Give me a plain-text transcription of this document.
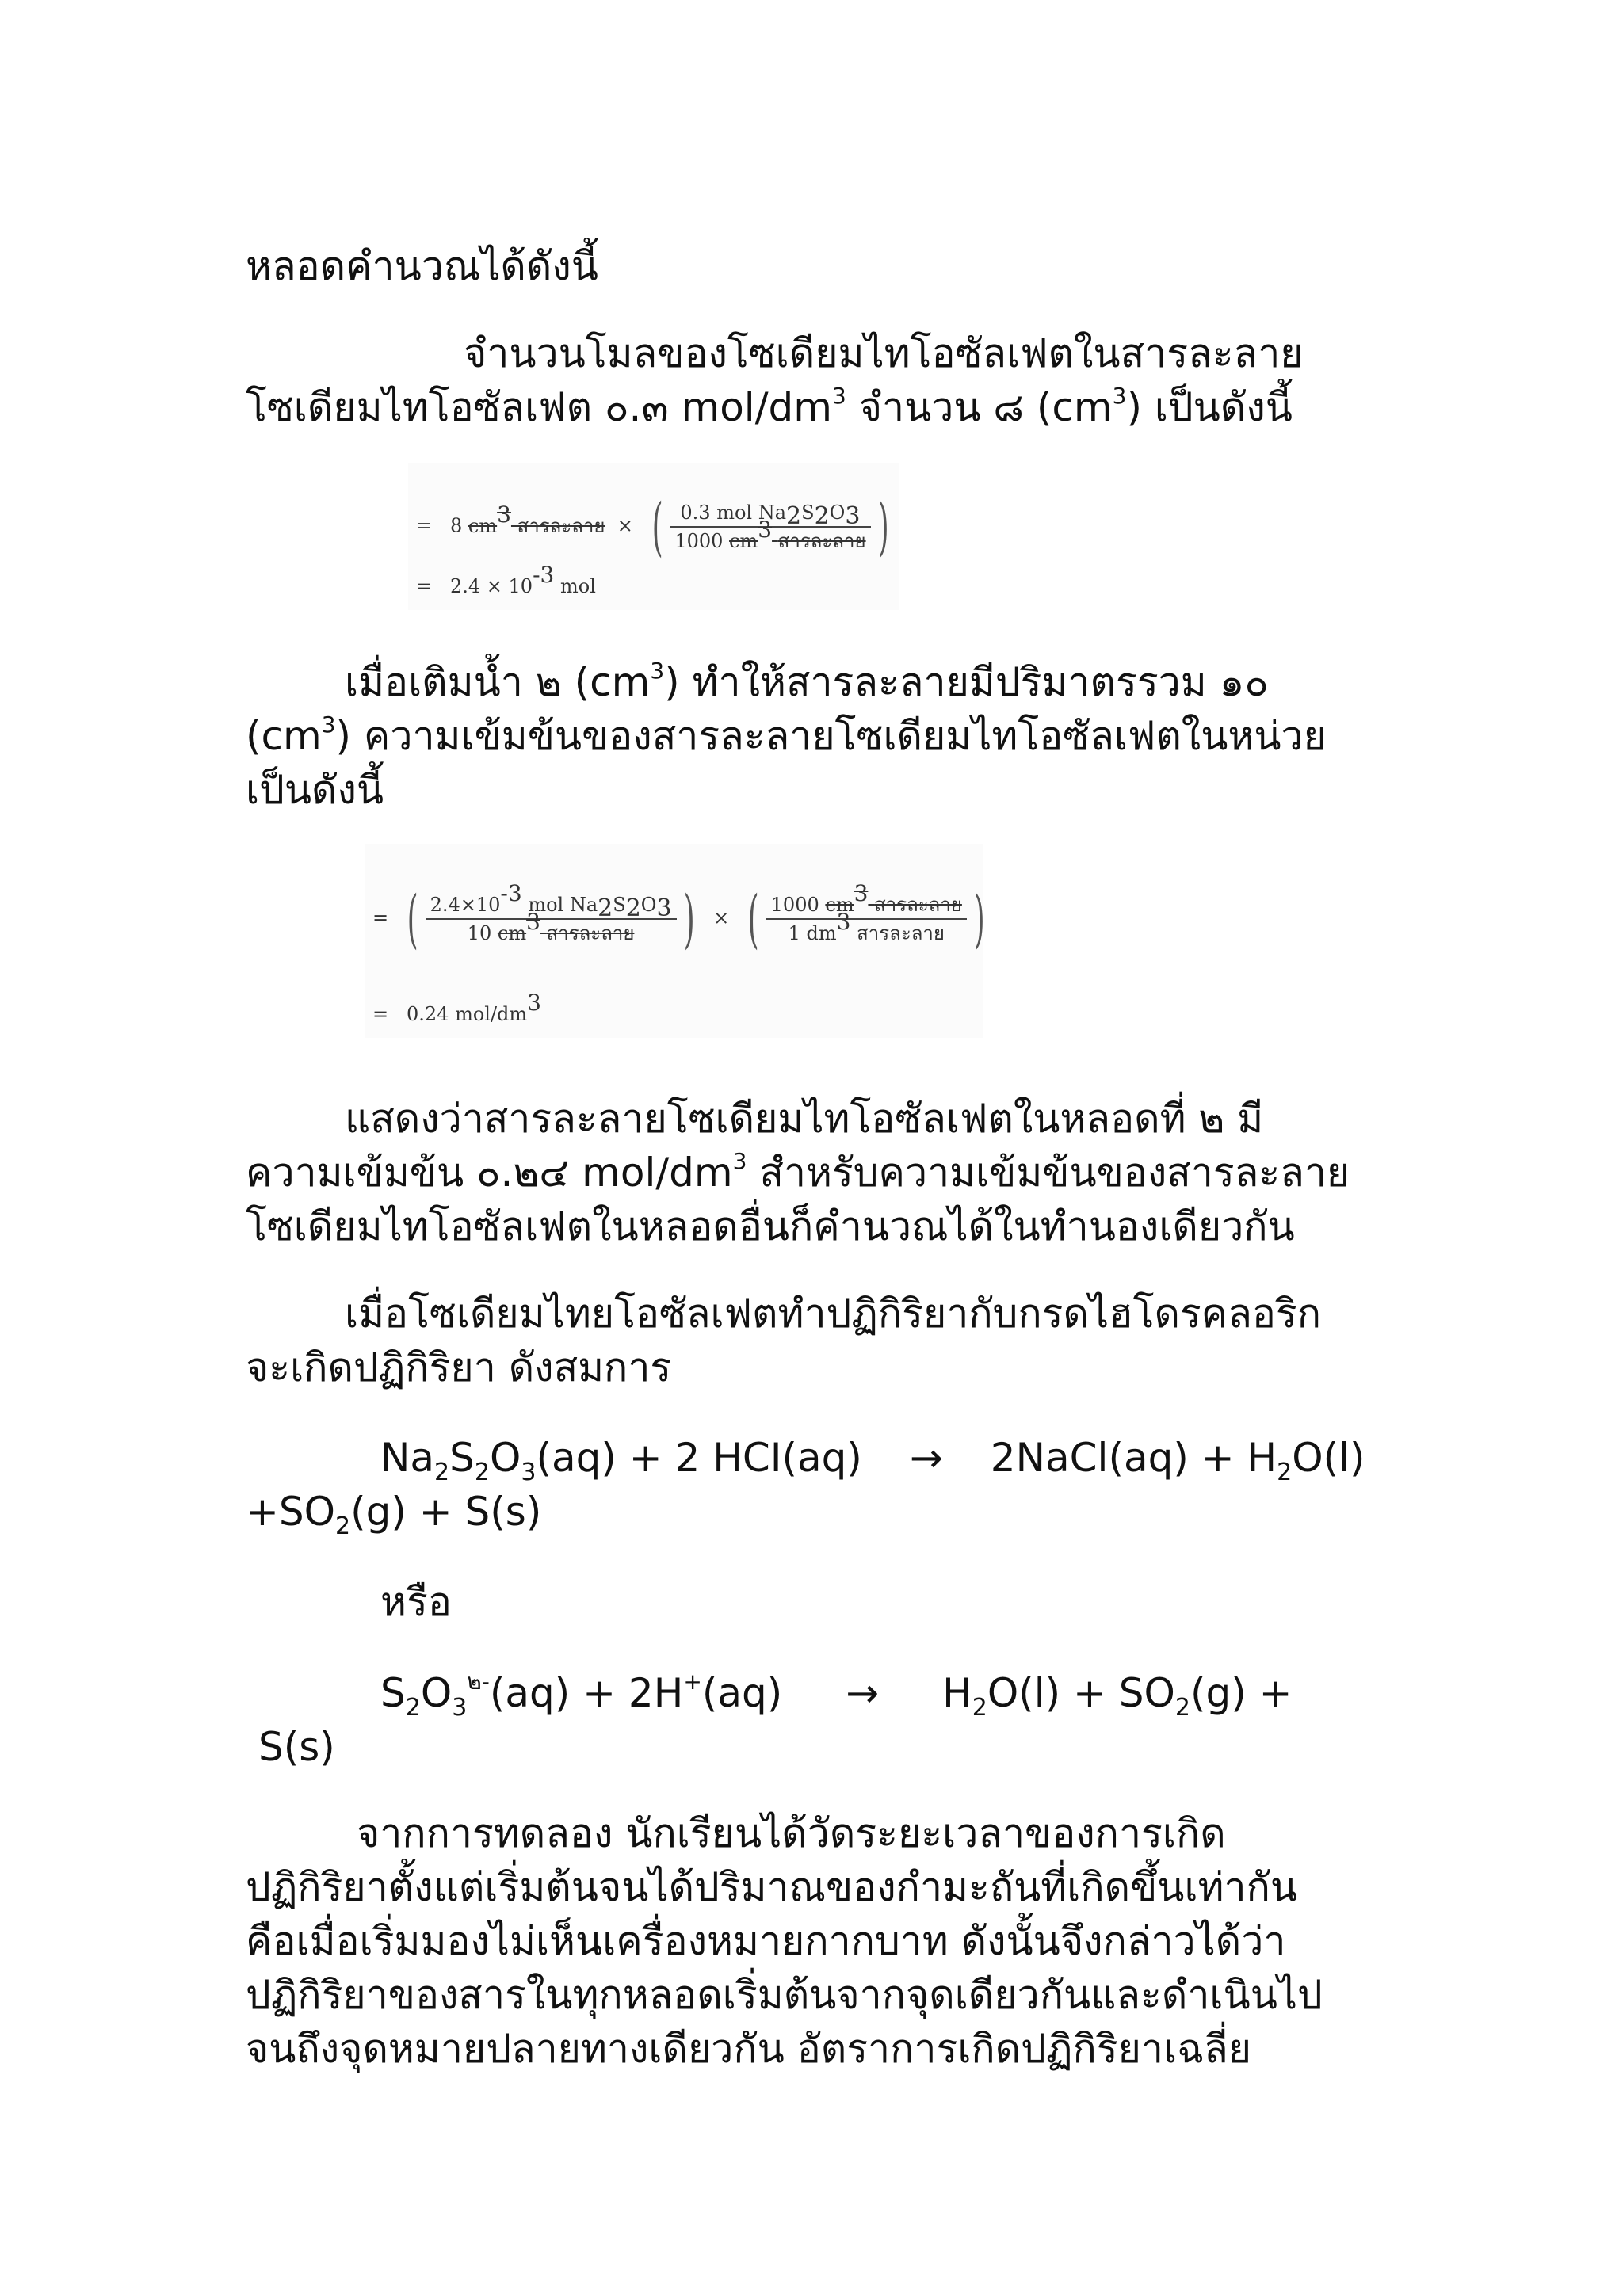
หลอดคำนวณได้ดังนี้

จำนวนโมลของโซเดียมไทโอซัลเฟตในสารละลาย

โซเดียมไทโอซัลเฟต ๐.๓ mol/$dm^3$ จำนวน ๘ $(cm^3)$ เป็นดังนี้

= 8 $cm^3$ สารละลาย × ( $\frac{0.3 mol Na_2S_2O_3}{1000 cm^3 สารละลาย}$ )
= $2.4 \times 10^{-3}$ mol

เมื่อเติมน้ำ ๒ $(cm^3)$ ทำให้สารละลายมีปริมาตรรวม ๑๐

$(cm^3)$ ความเข้มข้นของสารละลายโซเดียมไทโอซัลเฟตในหน่วย

เป็นดังนี้

= ( $\frac{2.4\times 10^{-3} mol Na_2S_2O_3}{10 cm^3 สารละลาย}$ ) × ( $\frac{1000 cm^3 สารละลาย}{1 dm^3 สารละลาย}$ )
= 0.24 mol/$dm^3$

แสดงว่าสารละลายโซเดียมไทโอซัลเฟตในหลอดที่ ๒ มี

ความเข้มข้น ๐.๒๔ mol/$dm^3$ สำหรับความเข้มข้นของสารละลาย

โซเดียมไทโอซัลเฟตในหลอดอื่นก็คำนวณได้ในทำนองเดียวกัน

เมื่อโซเดียมไทยโอซัลเฟตทำปฏิกิริยากับกรดไฮโดรคลอริก

จะเกิดปฏิกิริยา ดังสมการ

$Na_2S_2O_3(aq) + 2$ HCI(aq) → 2NaCl(aq) + $H_2O(l)$

$+SO_2(g) + S(s)$

หรือ

$S_2O_3^{๒-}(aq) + 2H^+(aq) \to H_2O(l) + SO_2(g)$ +

S(s)

จากการทดลอง นักเรียนได้วัดระยะเวลาของการเกิด

ปฏิกิริยาตั้งแต่เริ่มต้นจนได้ปริมาณของกำมะถันที่เกิดขึ้นเท่ากัน

คือเมื่อเริ่มมองไม่เห็นเครื่องหมายกากบาท ดังนั้นจึงกล่าวได้ว่า

ปฏิกิริยาของสารในทุกหลอดเริ่มต้นจากจุดเดียวกันและดำเนินไป

จนถึงจุดหมายปลายทางเดียวกัน อัตราการเกิดปฏิกิริยาเฉลี่ย
